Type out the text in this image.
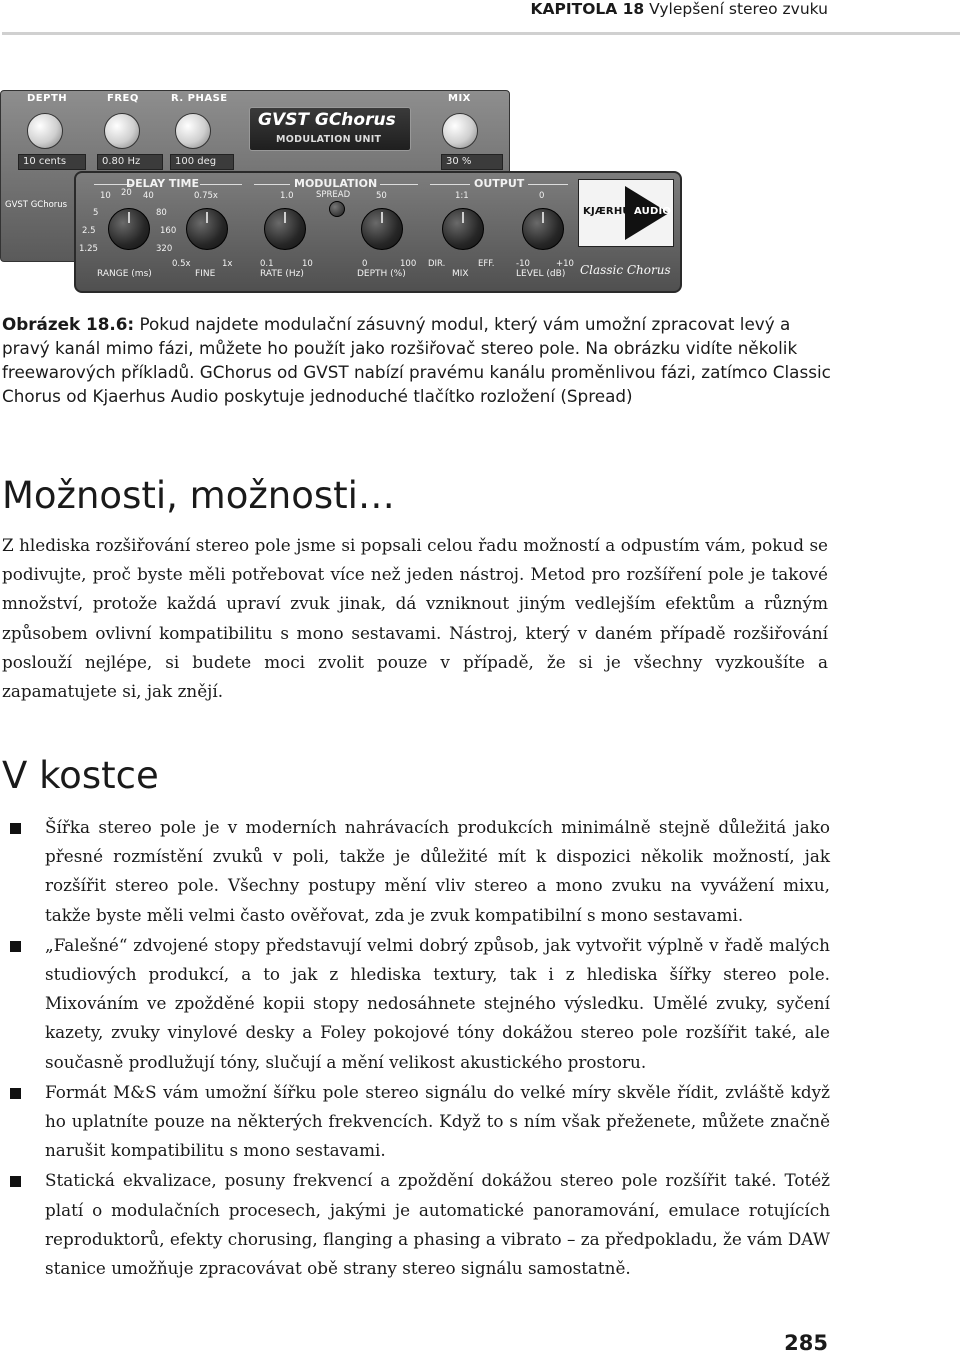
KAPITOLA 18 Vylepšení stereo zvuku
DEPTH	FREQ	R. PHASE	MIX
10 cents	0.80 Hz	100 deg	30 %
GVST GChorus
MODULATION UNIT
GVST GChorus
DELAY TIME	MODULATION	OUTPUT
10 20 40
5	80
2.5	160
1.25	320
0.75x
0.5x	1x
1.0
0.1	10
SPREAD	50
0	100
1:1
DIR.	EFF.
0
-10	+10
RANGE (ms)	FINE	RATE (Hz)	DEPTH (%)	MIX	LEVEL (dB)
KJÆRHUS
AUDIO
Classic Chorus

Obrázek 18.6: Pokud najdete modulační zásuvný modul, který vám umožní zpracovat levý a pravý kanál mimo fázi, můžete ho použít jako rozšiřovač stereo pole. Na obrázku vidíte několik freewarových příkladů. GChorus od GVST nabízí pravému kanálu proměnlivou fázi, zatímco Classic Chorus od Kjaerhus Audio poskytuje jednoduché tlačítko rozložení (Spread)

Možnosti, možnosti…

Z hlediska rozšiřování stereo pole jsme si popsali celou řadu možností a odpustím vám, pokud se podivujte, proč byste měli potřebovat více než jeden nástroj. Metod pro rozšíření pole je takové množství, protože každá upraví zvuk jinak, dá vzniknout jiným vedlejším efektům a různým způsobem ovlivní kompatibilitu s mono sestavami. Nástroj, který v daném případě rozšiřování poslouží nejlépe, si budete moci zvolit pouze v případě, že si je všechny vyzkoušíte a zapamatujete si, jak znějí.

V kostce
Šířka stereo pole je v moderních nahrávacích produkcích minimálně stejně důležitá jako přesné rozmístění zvuků v poli, takže je důležité mít k dispozici několik možností, jak rozšířit stereo pole. Všechny postupy mění vliv stereo a mono zvuku na vyvážení mixu, takže byste měli velmi často ověřovat, zda je zvuk kompatibilní s mono sestavami.
„Falešné“ zdvojené stopy představují velmi dobrý způsob, jak vytvořit výplně v řadě malých studiových produkcí, a to jak z hlediska textury, tak i z hlediska šířky stereo pole. Mixováním ve zpožděné kopii stopy nedosáhnete stejného výsledku. Umělé zvuky, syčení kazety, zvuky vinylové desky a Foley pokojové tóny dokážou stereo pole rozšířit také, ale současně prodlužují tóny, slučují a mění velikost akustického prostoru.
Formát M&S vám umožní šířku pole stereo signálu do velké míry skvěle řídit, zvláště když ho uplatníte pouze na některých frekvencích. Když to s ním však přeženete, můžete značně narušit kompatibilitu s mono sestavami.
Statická ekvalizace, posuny frekvencí a zpoždění dokážou stereo pole rozšířit také. Totéž platí o modulačních procesech, jakými je automatické panoramování, emulace rotujících reproduktorů, efekty chorusing, flanging a phasing a vibrato – za předpokladu, že vám DAW stanice umožňuje zpracovávat obě strany stereo signálu samostatně.
285
